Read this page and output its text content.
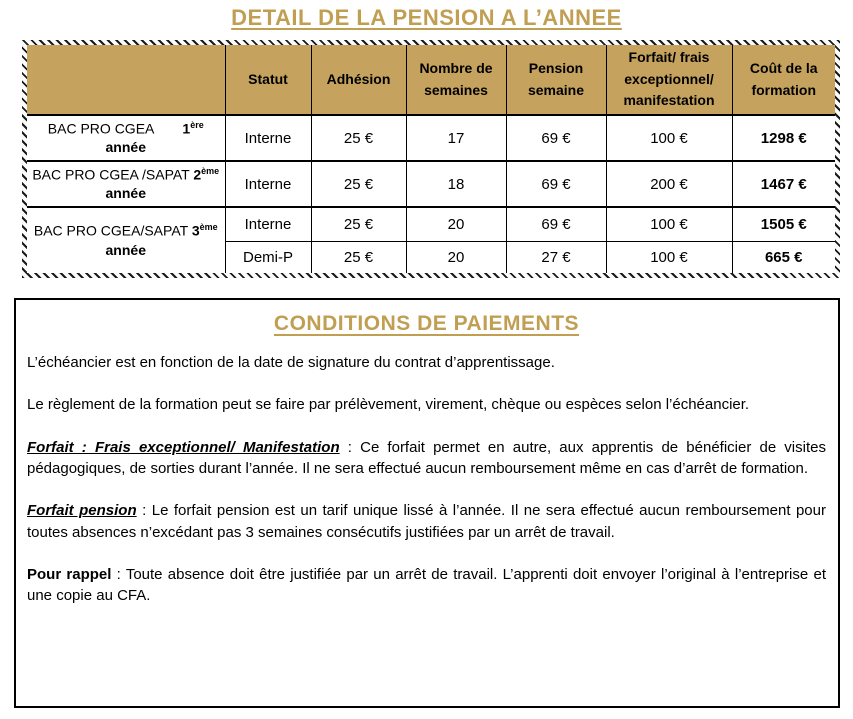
DETAIL DE LA PENSION A L’ANNEE
	Statut	Adhésion	Nombre de semaines	Pension semaine	Forfait/ frais exceptionnel/ manifestation	Coût de la formation
BAC PRO CGEA 1ère année	Interne	25 €	17	69 €	100 €	1298 €
BAC PRO CGEA /SAPAT 2ème année	Interne	25 €	18	69 €	200 €	1467 €
BAC PRO CGEA/SAPAT 3ème année	Interne	25 €	20	69 €	100 €	1505 €
	Demi-P	25 €	20	27 €	100 €	665 €
CONDITIONS DE PAIEMENTS

L’échéancier est en fonction de la date de signature du contrat d’apprentissage.

Le règlement de la formation peut se faire par prélèvement, virement, chèque ou espèces selon l’échéancier.

Forfait : Frais exceptionnel/ Manifestation : Ce forfait permet en autre, aux apprentis de bénéficier de visites pédagogiques, de sorties durant l’année. Il ne sera effectué aucun remboursement même en cas d’arrêt de formation.

Forfait pension : Le forfait pension est un tarif unique lissé à l’année. Il ne sera effectué aucun remboursement pour toutes absences n’excédant pas 3 semaines consécutifs justifiées par un arrêt de travail.

Pour rappel : Toute absence doit être justifiée par un arrêt de travail. L’apprenti doit envoyer l’original à l’entreprise et une copie au CFA.
